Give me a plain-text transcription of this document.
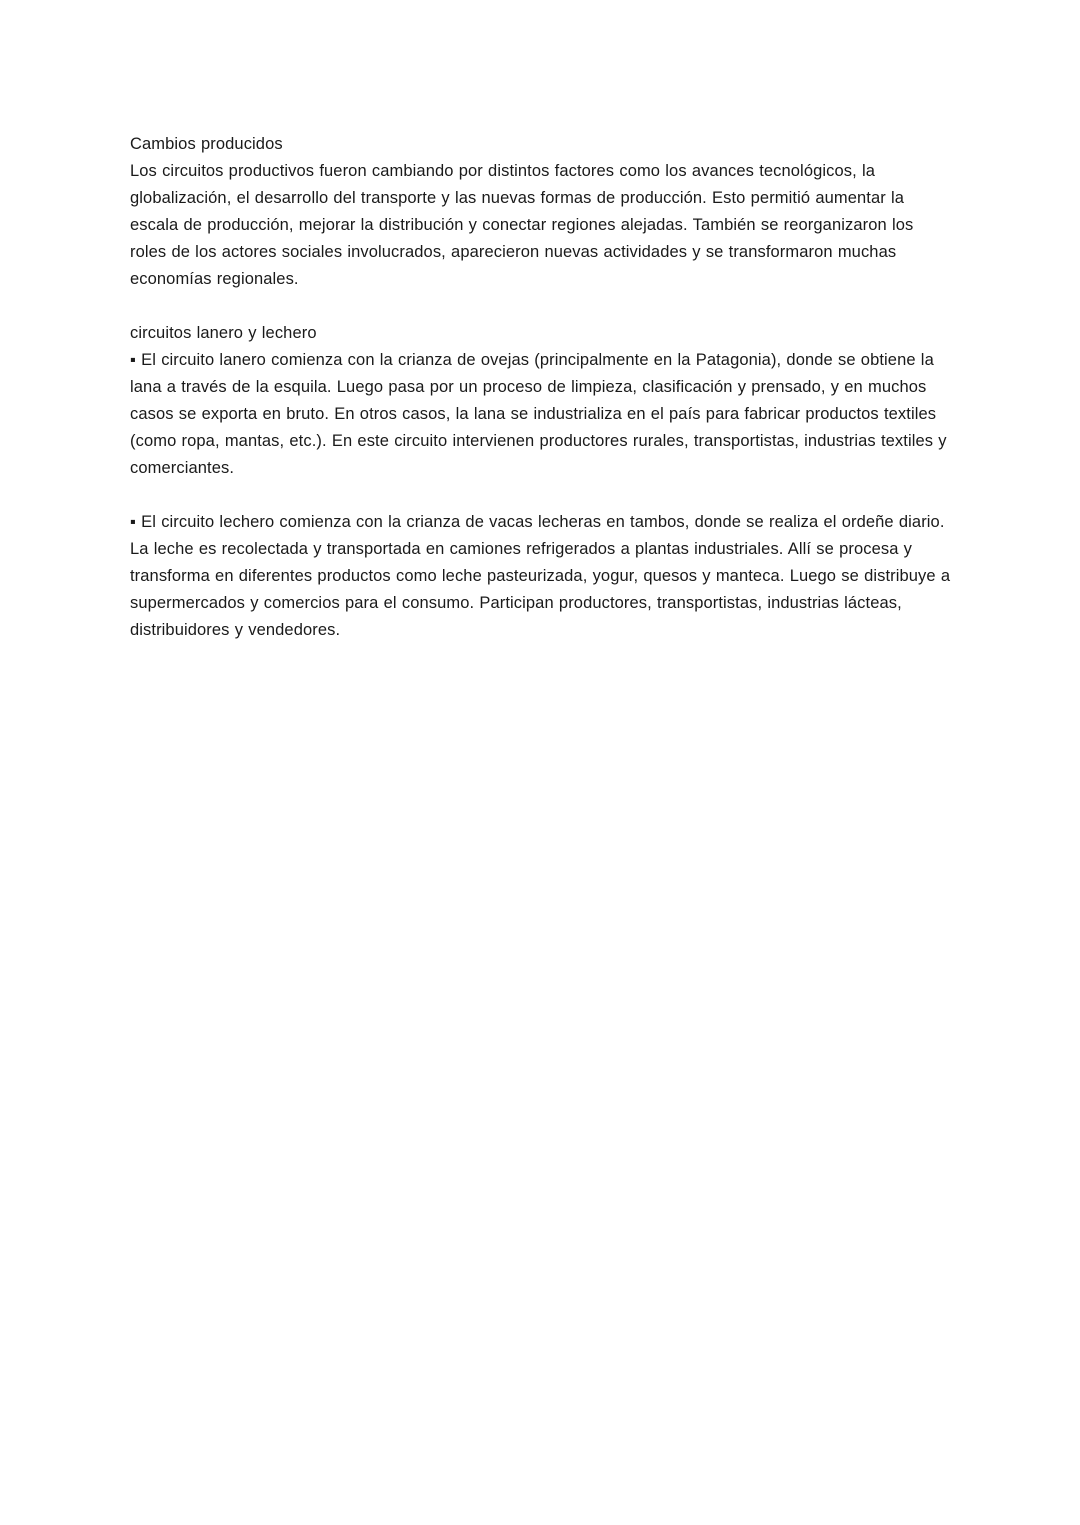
Cambios producidos

Los circuitos productivos fueron cambiando por distintos factores como los avances tecnológicos, la globalización, el desarrollo del transporte y las nuevas formas de producción. Esto permitió aumentar la escala de producción, mejorar la distribución y conectar regiones alejadas. También se reorganizaron los roles de los actores sociales involucrados, aparecieron nuevas actividades y se transformaron muchas economías regionales.

circuitos lanero y lechero

▪ El circuito lanero comienza con la crianza de ovejas (principalmente en la Patagonia), donde se obtiene la lana a través de la esquila. Luego pasa por un proceso de limpieza, clasificación y prensado, y en muchos casos se exporta en bruto. En otros casos, la lana se industrializa en el país para fabricar productos textiles (como ropa, mantas, etc.). En este circuito intervienen productores rurales, transportistas, industrias textiles y comerciantes.

▪ El circuito lechero comienza con la crianza de vacas lecheras en tambos, donde se realiza el ordeñe diario. La leche es recolectada y transportada en camiones refrigerados a plantas industriales. Allí se procesa y transforma en diferentes productos como leche pasteurizada, yogur, quesos y manteca. Luego se distribuye a supermercados y comercios para el consumo. Participan productores, transportistas, industrias lácteas, distribuidores y vendedores.
